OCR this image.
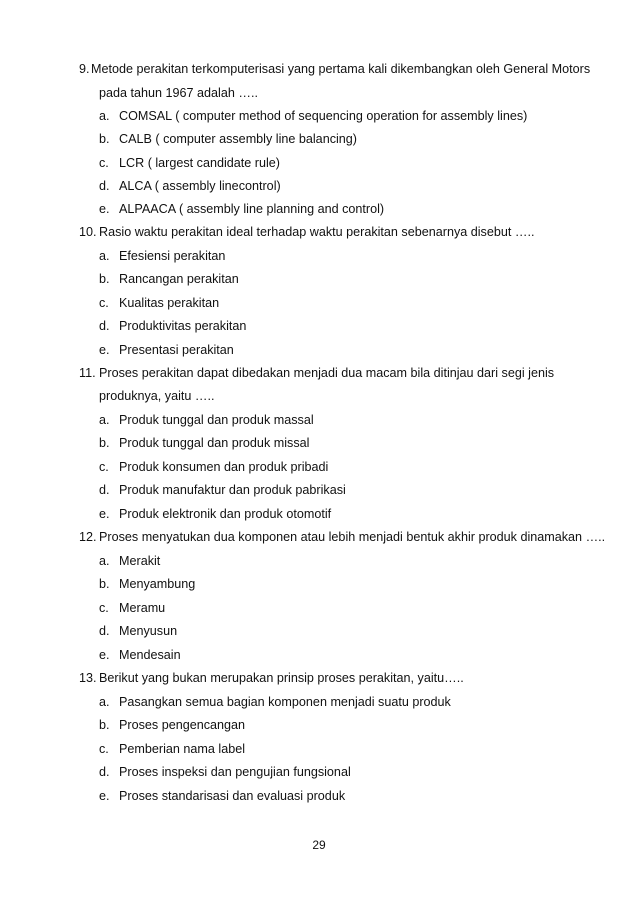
9.Metode perakitan terkomputerisasi yang pertama kali dikembangkan oleh General Motors
pada tahun 1967 adalah …..
a. COMSAL ( computer method of sequencing operation for assembly lines)
b. CALB ( computer assembly line balancing)
c. LCR ( largest candidate rule)
d. ALCA ( assembly linecontrol)
e. ALPAACA ( assembly line planning and control)
10. Rasio waktu perakitan ideal terhadap waktu perakitan sebenarnya disebut …..
a. Efesiensi perakitan
b. Rancangan perakitan
c. Kualitas perakitan
d. Produktivitas perakitan
e. Presentasi perakitan
11. Proses perakitan dapat dibedakan menjadi dua macam bila ditinjau dari segi jenis
produknya, yaitu …..
a. Produk tunggal dan produk massal
b. Produk tunggal dan produk missal
c. Produk konsumen dan produk pribadi
d. Produk manufaktur dan produk pabrikasi
e. Produk elektronik dan produk otomotif
12. Proses menyatukan dua komponen atau lebih menjadi bentuk akhir produk dinamakan …..
a. Merakit
b. Menyambung
c. Meramu
d. Menyusun
e. Mendesain
13. Berikut yang bukan merupakan prinsip proses perakitan, yaitu…..
a. Pasangkan semua bagian komponen menjadi suatu produk
b. Proses pengencangan
c. Pemberian nama label
d. Proses inspeksi dan pengujian fungsional
e. Proses standarisasi dan evaluasi produk
29
